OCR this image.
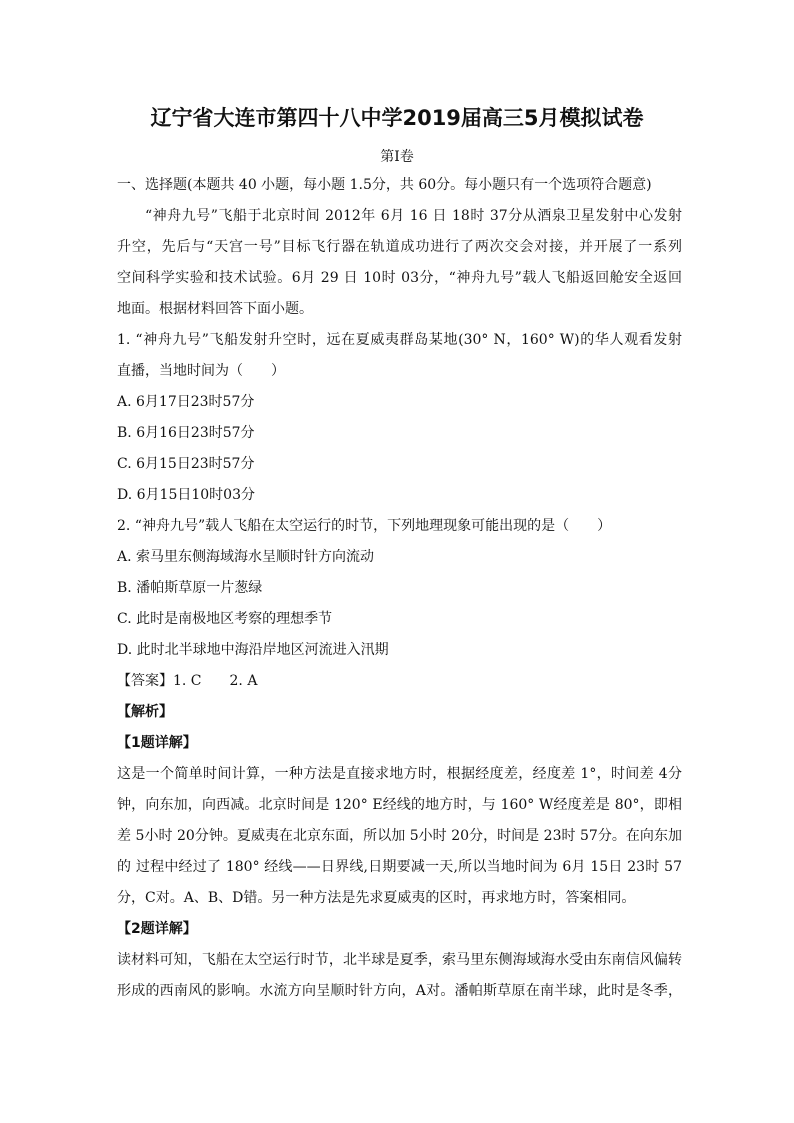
辽宁省大连市第四十八中学2019届高三5月模拟试卷
第I卷
一、选择题(本题共 40 小题，每小题 1.5分，共 60分。每小题只有一个选项符合题意)
“神舟九号”飞船于北京时间 2012年 6月 16 日 18时 37分从酒泉卫星发射中心发射
升空，先后与“天宫一号”目标飞行器在轨道成功进行了两次交会对接，并开展了一系列
空间科学实验和技术试验。6月 29 日 10时 03分，“神舟九号”载人飞船返回舱安全返回
地面。根据材料回答下面小题。
1. “神舟九号”飞船发射升空时，远在夏威夷群岛某地(30° N，160° W)的华人观看发射
直播，当地时间为（　　）
A. 6月17日23时57分
B. 6月16日23时57分
C. 6月15日23时57分
D. 6月15日10时03分
2. “神舟九号”载人飞船在太空运行的时节，下列地理现象可能出现的是（　　）
A. 索马里东侧海域海水呈顺时针方向流动
B. 潘帕斯草原一片葱绿
C. 此时是南极地区考察的理想季节
D. 此时北半球地中海沿岸地区河流进入汛期
【答案】1. C　　2. A
【解析】
【1题详解】
这是一个简单时间计算，一种方法是直接求地方时，根据经度差，经度差 1°，时间差 4分
钟，向东加，向西减。北京时间是 120° E经线的地方时，与 160° W经度差是 80°，即相
差 5小时 20分钟。夏威夷在北京东面，所以加 5小时 20分，时间是 23时 57分。在向东加
的 过程中经过了 180° 经线——日界线,日期要减一天,所以当地时间为 6月 15日 23时 57
分，C对。A、B、D错。另一种方法是先求夏威夷的区时，再求地方时，答案相同。
【2题详解】
读材料可知，飞船在太空运行时节，北半球是夏季，索马里东侧海域海水受由东南信风偏转
形成的西南风的影响。水流方向呈顺时针方向，A对。潘帕斯草原在南半球，此时是冬季，
